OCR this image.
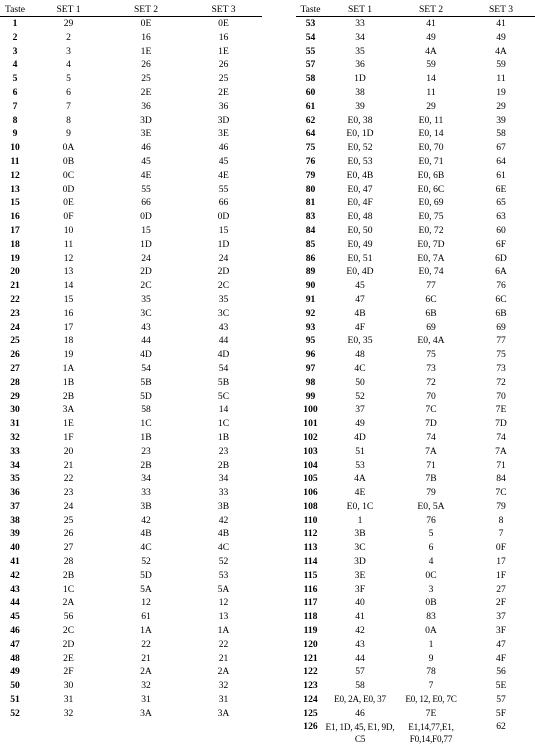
Taste	SET 1	SET 2	SET 3
1	29	0E	0E
2	2	16	16
3	3	1E	1E
4	4	26	26
5	5	25	25
6	6	2E	2E
7	7	36	36
8	8	3D	3D
9	9	3E	3E
10	0A	46	46
11	0B	45	45
12	0C	4E	4E
13	0D	55	55
15	0E	66	66
16	0F	0D	0D
17	10	15	15
18	11	1D	1D
19	12	24	24
20	13	2D	2D
21	14	2C	2C
22	15	35	35
23	16	3C	3C
24	17	43	43
25	18	44	44
26	19	4D	4D
27	1A	54	54
28	1B	5B	5B
29	2B	5D	5C
30	3A	58	14
31	1E	1C	1C
32	1F	1B	1B
33	20	23	23
34	21	2B	2B
35	22	34	34
36	23	33	33
37	24	3B	3B
38	25	42	42
39	26	4B	4B
40	27	4C	4C
41	28	52	52
42	2B	5D	53
43	1C	5A	5A
44	2A	12	12
45	56	61	13
46	2C	1A	1A
47	2D	22	22
48	2E	21	21
49	2F	2A	2A
50	30	32	32
51	31	31	31
52	32	3A	3A
Taste	SET 1	SET 2	SET 3
53	33	41	41
54	34	49	49
55	35	4A	4A
57	36	59	59
58	1D	14	11
60	38	11	19
61	39	29	29
62	E0, 38	E0, 11	39
64	E0, 1D	E0, 14	58
75	E0, 52	E0, 70	67
76	E0, 53	E0, 71	64
79	E0, 4B	E0, 6B	61
80	E0, 47	E0, 6C	6E
81	E0, 4F	E0, 69	65
83	E0, 48	E0, 75	63
84	E0, 50	E0, 72	60
85	E0, 49	E0, 7D	6F
86	E0, 51	E0, 7A	6D
89	E0, 4D	E0, 74	6A
90	45	77	76
91	47	6C	6C
92	4B	6B	6B
93	4F	69	69
95	E0, 35	E0, 4A	77
96	48	75	75
97	4C	73	73
98	50	72	72
99	52	70	70
100	37	7C	7E
101	49	7D	7D
102	4D	74	74
103	51	7A	7A
104	53	71	71
105	4A	7B	84
106	4E	79	7C
108	E0, 1C	E0, 5A	79
110	1	76	8
112	3B	5	7
113	3C	6	0F
114	3D	4	17
115	3E	0C	1F
116	3F	3	27
117	40	0B	2F
118	41	83	37
119	42	0A	3F
120	43	1	47
121	44	9	4F
122	57	78	56
123	58	7	5E
124	E0, 2A, E0, 37	E0, 12, E0, 7C	57
125	46	7E	5F
126	E1, 1D, 45, E1, 9D, C5	E1,14,77,E1, F0,14,F0,77	62
